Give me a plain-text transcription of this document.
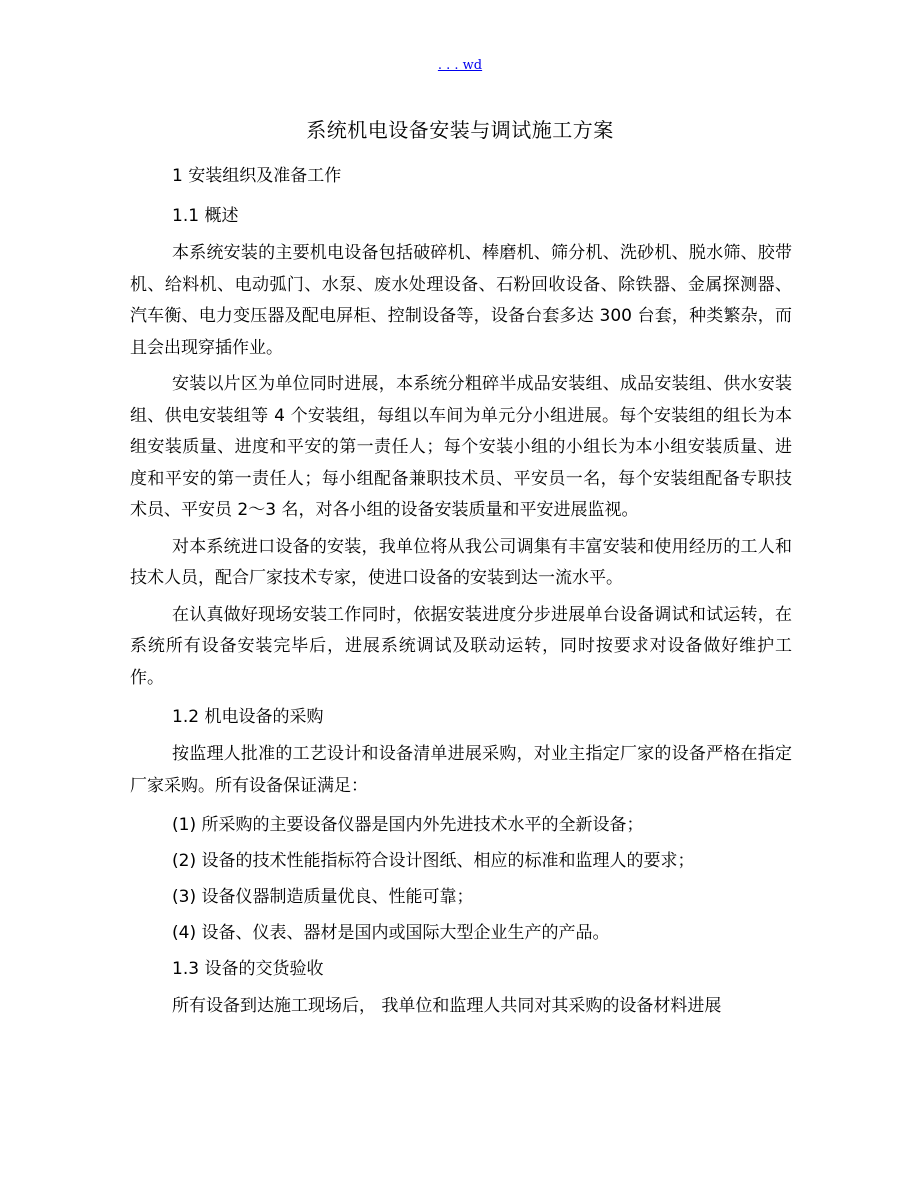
. . . wd
系统机电设备安装与调试施工方案

1 安装组织及准备工作

1.1 概述

本系统安装的主要机电设备包括破碎机、棒磨机、筛分机、洗砂机、脱水筛、胶带机、给料机、电动弧门、水泵、废水处理设备、石粉回收设备、除铁器、金属探测器、汽车衡、电力变压器及配电屏柜、控制设备等，设备台套多达 300 台套，种类繁杂，而且会出现穿插作业。

安装以片区为单位同时进展，本系统分粗碎半成品安装组、成品安装组、供水安装组、供电安装组等 4 个安装组，每组以车间为单元分小组进展。每个安装组的组长为本组安装质量、进度和平安的第一责任人；每个安装小组的小组长为本小组安装质量、进度和平安的第一责任人；每小组配备兼职技术员、平安员一名，每个安装组配备专职技术员、平安员 2～3 名，对各小组的设备安装质量和平安进展监视。

对本系统进口设备的安装，我单位将从我公司调集有丰富安装和使用经历的工人和技术人员，配合厂家技术专家，使进口设备的安装到达一流水平。

在认真做好现场安装工作同时，依据安装进度分步进展单台设备调试和试运转，在系统所有设备安装完毕后，进展系统调试及联动运转，同时按要求对设备做好维护工作。

1.2 机电设备的采购

按监理人批准的工艺设计和设备清单进展采购，对业主指定厂家的设备严格在指定厂家采购。所有设备保证满足：

(1) 所采购的主要设备仪器是国内外先进技术水平的全新设备；

(2) 设备的技术性能指标符合设计图纸、相应的标准和监理人的要求；

(3) 设备仪器制造质量优良、性能可靠；

(4) 设备、仪表、器材是国内或国际大型企业生产的产品。

1.3 设备的交货验收

所有设备到达施工现场后， 我单位和监理人共同对其采购的设备材料进展
